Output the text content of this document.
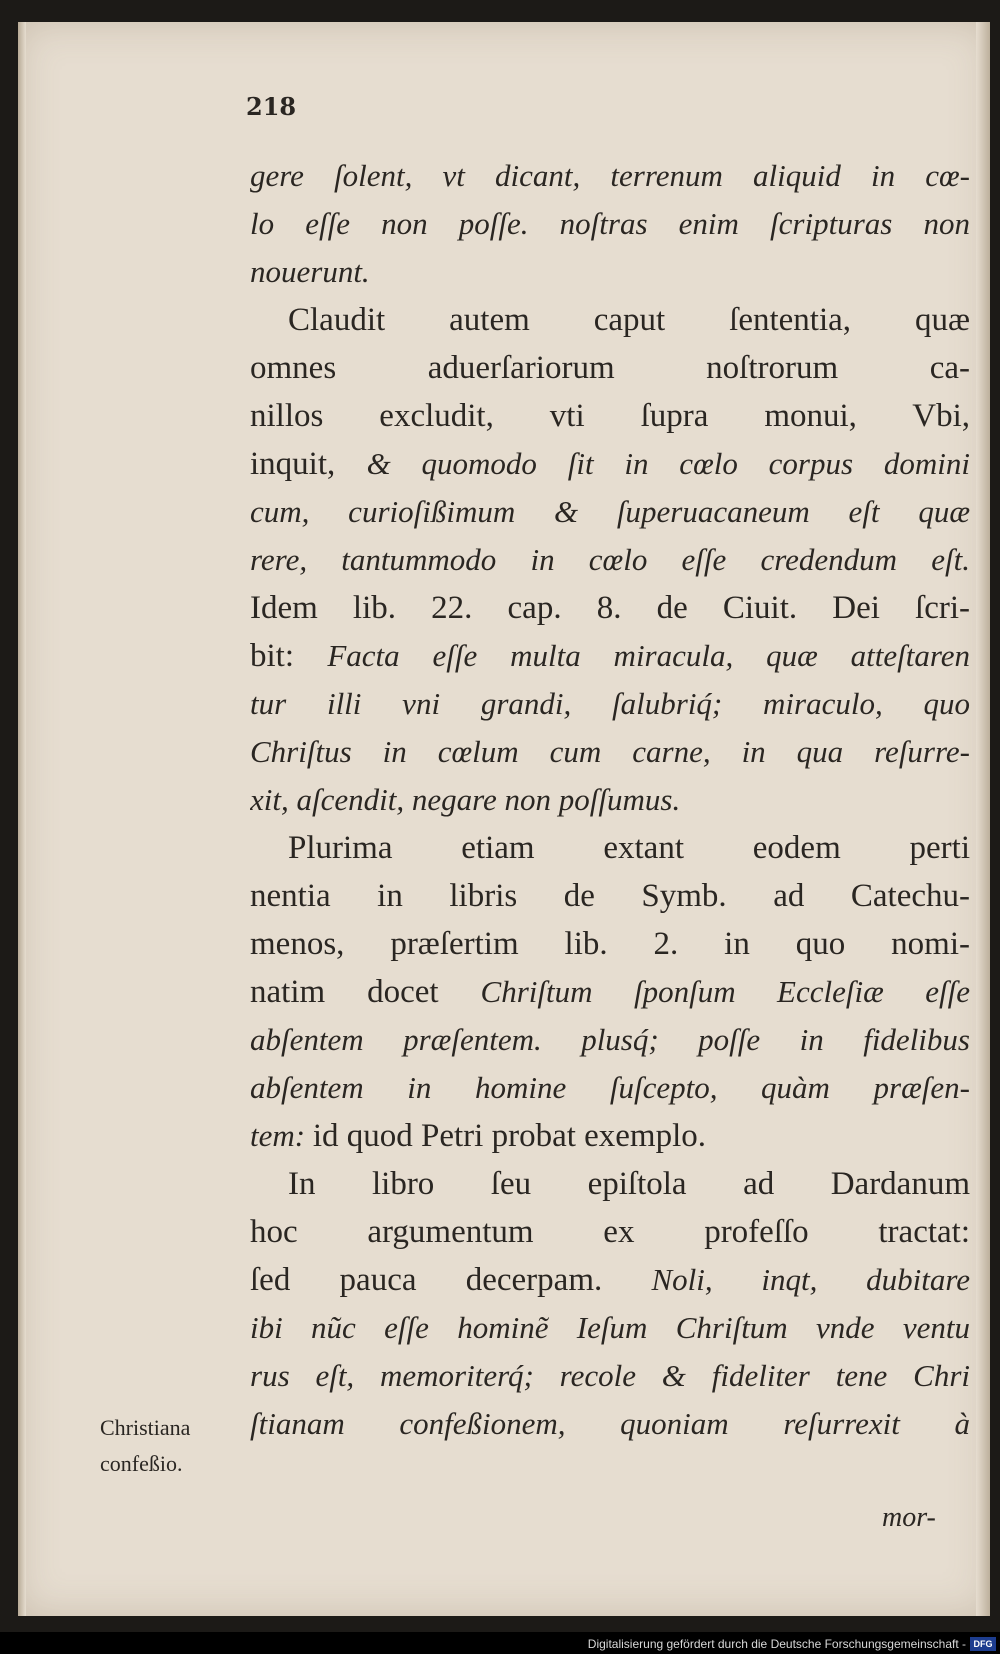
218
gere ſolent, vt dicant, terrenum aliquid in cœ-
lo eſſe non poſſe. noſtras enim ſcripturas non
nouerunt.
Claudit autem caput ſententia, quæ
omnes aduerſariorum noſtrorum ca-
nillos excludit, vti ſupra monui, Vbi,
inquit, & quomodo ſit in cœlo corpus domini
cum, curioſißimum & ſuperuacaneum eſt quæ
rere, tantummodo in cœlo eſſe credendum eſt.
Idem lib. 22. cap. 8. de Ciuit. Dei ſcri-
bit: Facta eſſe multa miracula, quæ atteſtaren
tur illi vni grandi, ſalubriq́; miraculo, quo
Chriſtus in cœlum cum carne, in qua reſurre-
xit, aſcendit, negare non poſſumus.
Plurima etiam extant eodem perti
nentia in libris de Symb. ad Catechu-
menos, præſertim lib. 2. in quo nomi-
natim docet Chriſtum ſponſum Eccleſiæ eſſe
abſentem præſentem. plusq́; poſſe in fidelibus
abſentem in homine ſuſcepto, quàm præſen-
tem: id quod Petri probat exemplo.
In libro ſeu epiſtola ad Dardanum
hoc argumentum ex profeſſo tractat:
ſed pauca decerpam. Noli, inqt, dubitare
ibi nũc eſſe hominẽ Ieſum Chriſtum vnde ventu
rus eſt, memoriterq́; recole & fideliter tene Chri
ſtianam confeßionem, quoniam reſurrexit à
Christiana
confeßio.
mor-
Digitalisierung gefördert durch die Deutsche Forschungsgemeinschaft - DFG
